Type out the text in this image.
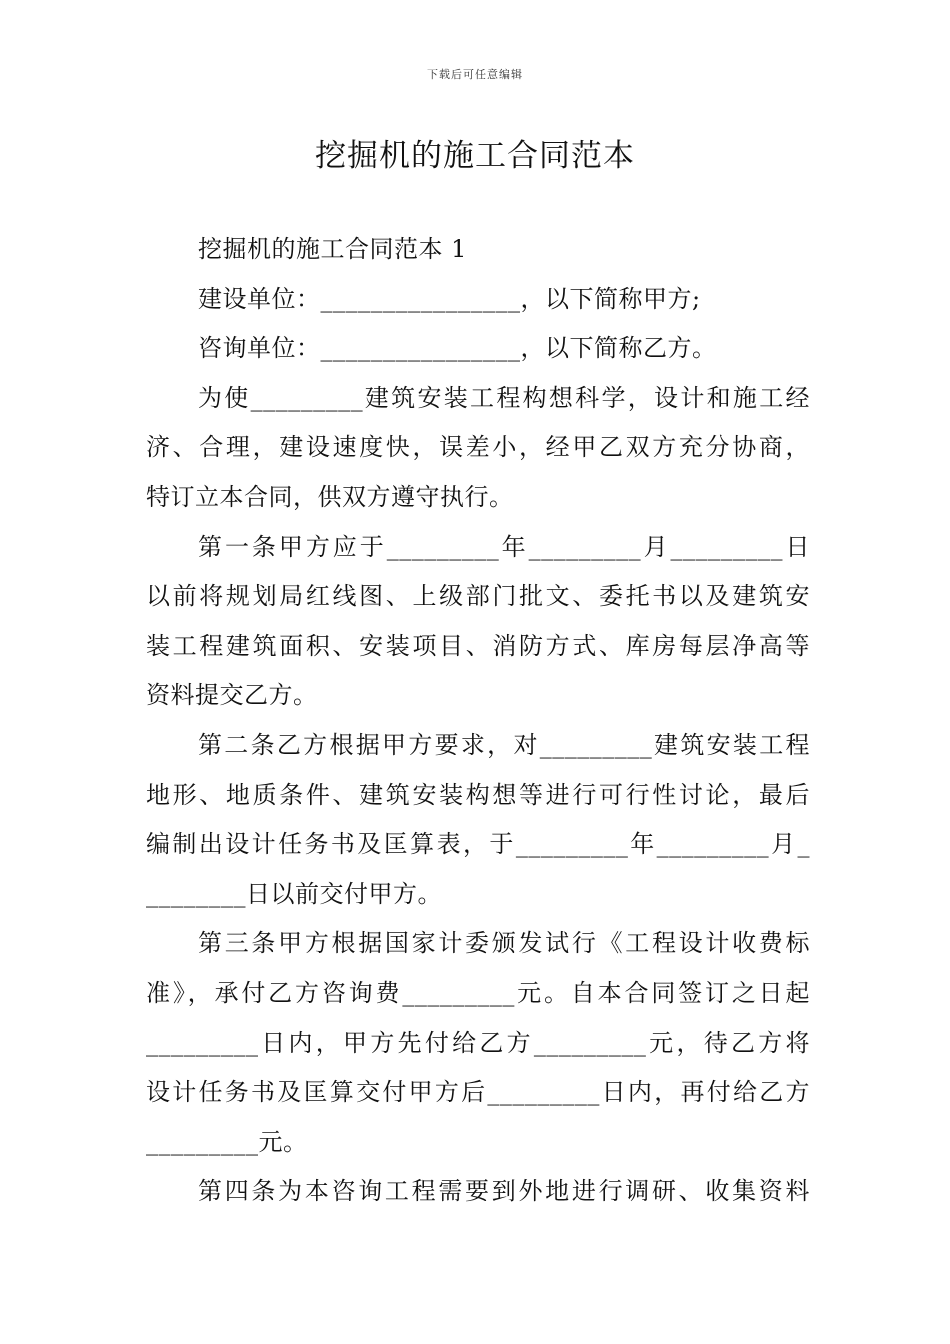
下载后可任意编辑
挖掘机的施工合同范本
挖掘机的施工合同范本 1
建设单位：________________，以下简称甲方;
咨询单位：________________，以下简称乙方。
为使_________建筑安装工程构想科学，设计和施工经
济、合理，建设速度快，误差小，经甲乙双方充分协商，
特订立本合同，供双方遵守执行。
第一条甲方应于_________年_________月_________日
以前将规划局红线图、上级部门批文、委托书以及建筑安
装工程建筑面积、安装项目、消防方式、库房每层净高等
资料提交乙方。
第二条乙方根据甲方要求，对_________建筑安装工程
地形、地质条件、建筑安装构想等进行可行性讨论，最后
编制出设计任务书及匡算表，于_________年_________月_
________日以前交付甲方。
第三条甲方根据国家计委颁发试行《工程设计收费标
准》，承付乙方咨询费_________元。自本合同签订之日起
_________日内，甲方先付给乙方_________元，待乙方将
设计任务书及匡算交付甲方后_________日内，再付给乙方
_________元。
第四条为本咨询工程需要到外地进行调研、收集资料
